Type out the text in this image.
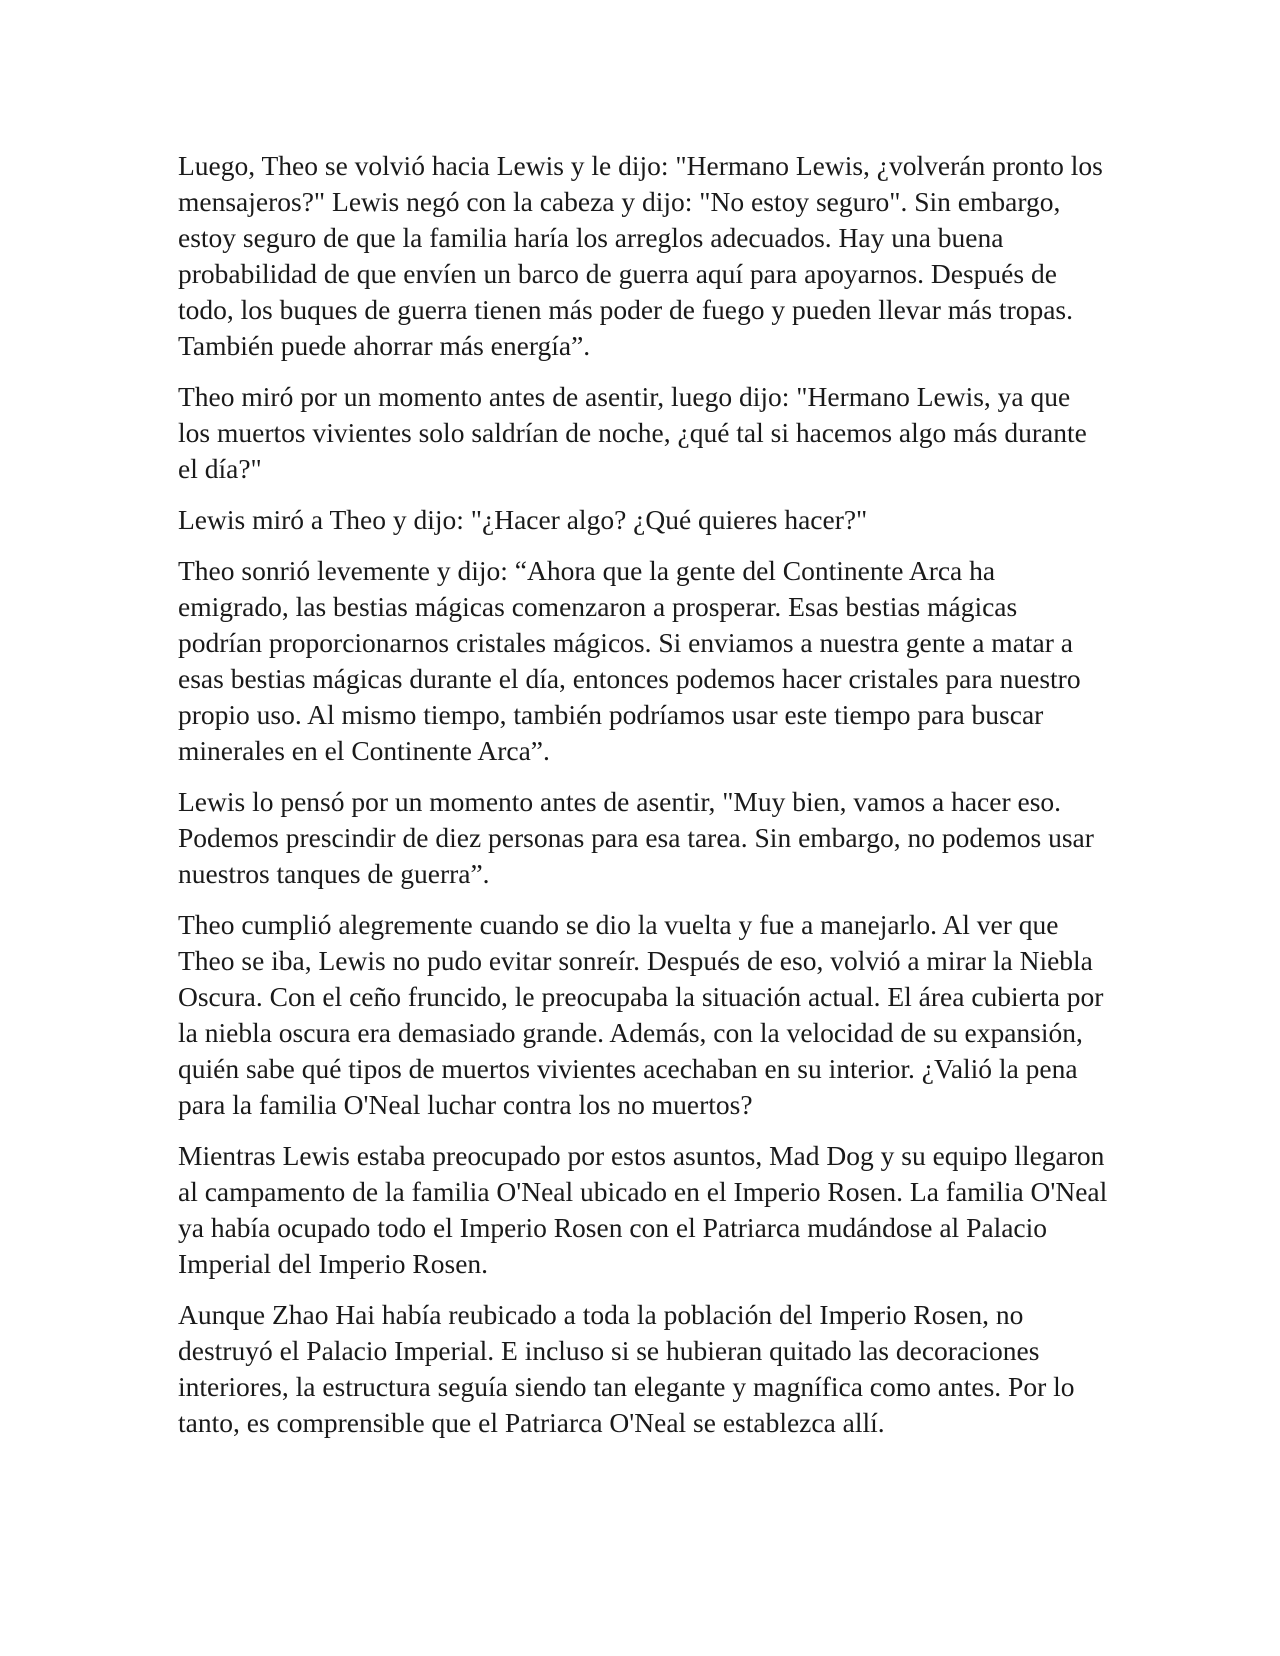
Luego, Theo se volvió hacia Lewis y le dijo: "Hermano Lewis, ¿volverán pronto los mensajeros?" Lewis negó con la cabeza y dijo: "No estoy seguro". Sin embargo, estoy seguro de que la familia haría los arreglos adecuados. Hay una buena probabilidad de que envíen un barco de guerra aquí para apoyarnos. Después de todo, los buques de guerra tienen más poder de fuego y pueden llevar más tropas. También puede ahorrar más energía”.

Theo miró por un momento antes de asentir, luego dijo: "Hermano Lewis, ya que los muertos vivientes solo saldrían de noche, ¿qué tal si hacemos algo más durante el día?"

Lewis miró a Theo y dijo: "¿Hacer algo? ¿Qué quieres hacer?"

Theo sonrió levemente y dijo: “Ahora que la gente del Continente Arca ha emigrado, las bestias mágicas comenzaron a prosperar. Esas bestias mágicas podrían proporcionarnos cristales mágicos. Si enviamos a nuestra gente a matar a esas bestias mágicas durante el día, entonces podemos hacer cristales para nuestro propio uso. Al mismo tiempo, también podríamos usar este tiempo para buscar minerales en el Continente Arca”.

Lewis lo pensó por un momento antes de asentir, "Muy bien, vamos a hacer eso. Podemos prescindir de diez personas para esa tarea. Sin embargo, no podemos usar nuestros tanques de guerra”.

Theo cumplió alegremente cuando se dio la vuelta y fue a manejarlo. Al ver que Theo se iba, Lewis no pudo evitar sonreír. Después de eso, volvió a mirar la Niebla Oscura. Con el ceño fruncido, le preocupaba la situación actual. El área cubierta por la niebla oscura era demasiado grande. Además, con la velocidad de su expansión, quién sabe qué tipos de muertos vivientes acechaban en su interior. ¿Valió la pena para la familia O'Neal luchar contra los no muertos?

Mientras Lewis estaba preocupado por estos asuntos, Mad Dog y su equipo llegaron al campamento de la familia O'Neal ubicado en el Imperio Rosen. La familia O'Neal ya había ocupado todo el Imperio Rosen con el Patriarca mudándose al Palacio Imperial del Imperio Rosen.

Aunque Zhao Hai había reubicado a toda la población del Imperio Rosen, no destruyó el Palacio Imperial. E incluso si se hubieran quitado las decoraciones interiores, la estructura seguía siendo tan elegante y magnífica como antes. Por lo tanto, es comprensible que el Patriarca O'Neal se establezca allí.
